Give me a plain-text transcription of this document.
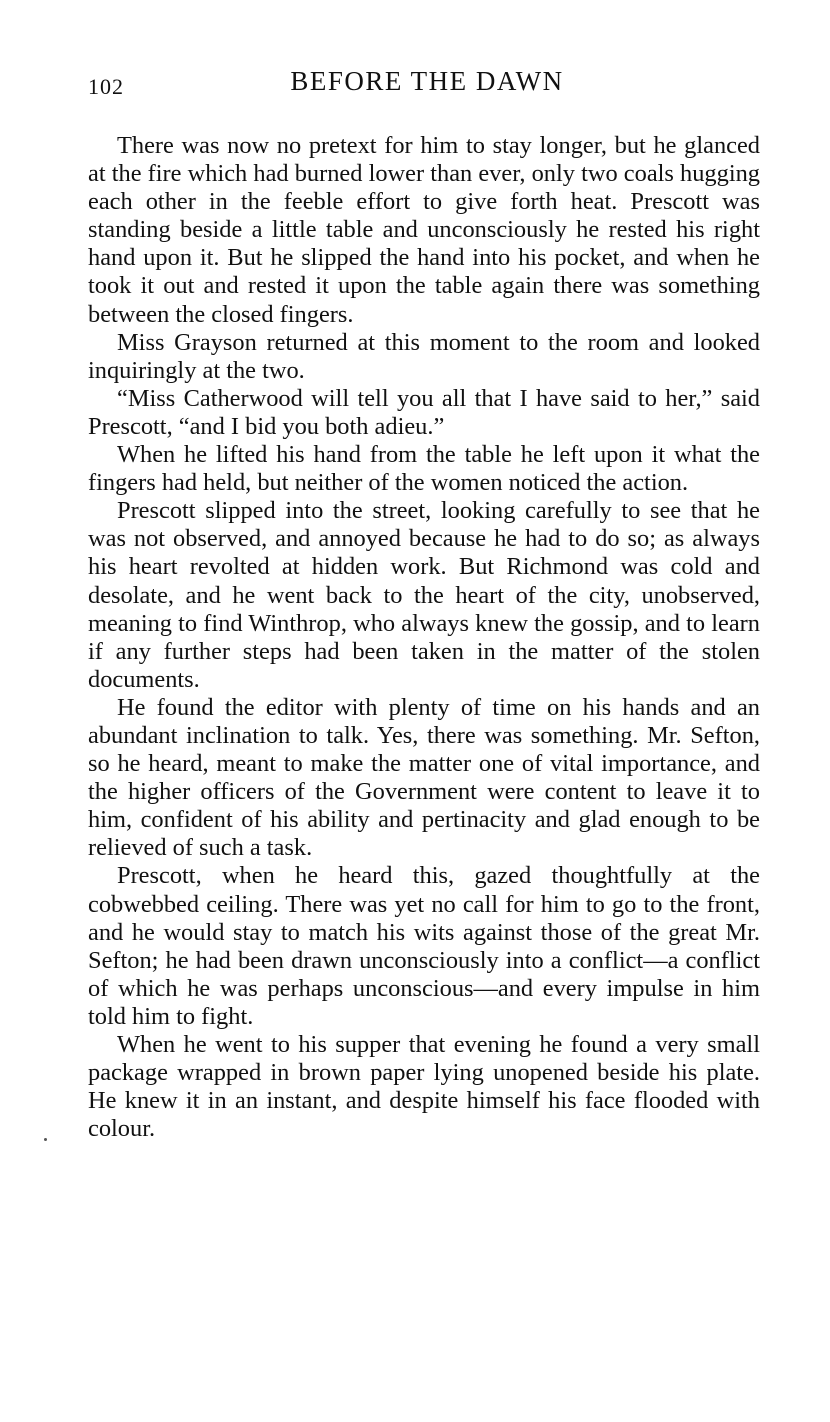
102	BEFORE THE DAWN

There was now no pretext for him to stay longer, but he glanced at the fire which had burned lower than ever, only two coals hugging each other in the feeble effort to give forth heat. Prescott was standing beside a little table and unconsciously he rested his right hand upon it. But he slipped the hand into his pocket, and when he took it out and rested it upon the table again there was something between the closed fingers.

Miss Grayson returned at this moment to the room and looked inquiringly at the two.

“Miss Catherwood will tell you all that I have said to her,” said Prescott, “and I bid you both adieu.”

When he lifted his hand from the table he left upon it what the fingers had held, but neither of the women noticed the action.

Prescott slipped into the street, looking carefully to see that he was not observed, and annoyed because he had to do so; as always his heart revolted at hidden work. But Richmond was cold and desolate, and he went back to the heart of the city, unobserved, meaning to find Winthrop, who always knew the gossip, and to learn if any further steps had been taken in the matter of the stolen documents.

He found the editor with plenty of time on his hands and an abundant inclination to talk. Yes, there was something. Mr. Sefton, so he heard, meant to make the matter one of vital importance, and the higher officers of the Government were content to leave it to him, confident of his ability and pertinacity and glad enough to be relieved of such a task.

Prescott, when he heard this, gazed thoughtfully at the cobwebbed ceiling. There was yet no call for him to go to the front, and he would stay to match his wits against those of the great Mr. Sefton; he had been drawn unconsciously into a conflict—a conflict of which he was perhaps unconscious—and every impulse in him told him to fight.

When he went to his supper that evening he found a very small package wrapped in brown paper lying unopened beside his plate. He knew it in an instant, and despite himself his face flooded with colour.
